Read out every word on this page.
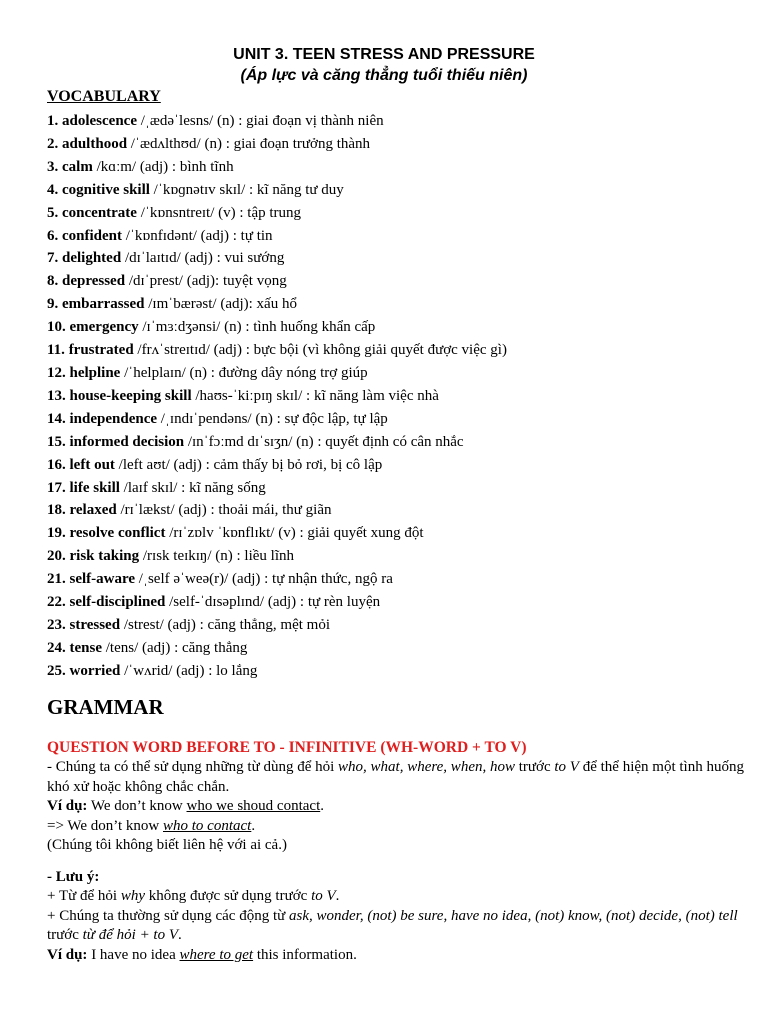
UNIT 3. TEEN STRESS AND PRESSURE
(Áp lực và căng thẳng tuổi thiếu niên)
VOCABULARY
1. adolescence /ˌædəˈlesns/ (n) : giai đoạn vị thành niên
2. adulthood /ˈædʌlthʊd/ (n) : giai đoạn trưởng thành
3. calm /kɑːm/ (adj) : bình tĩnh
4. cognitive skill /ˈkɒɡnətɪv skɪl/ : kĩ năng tư duy
5. concentrate /ˈkɒnsntreɪt/ (v) : tập trung
6. confident /ˈkɒnfɪdənt/ (adj) : tự tin
7. delighted /dɪˈlaɪtɪd/ (adj) : vui sướng
8. depressed /dɪˈprest/ (adj): tuyệt vọng
9. embarrassed /ɪmˈbærəst/ (adj): xấu hổ
10. emergency /ɪˈmɜːdʒənsi/ (n) : tình huống khẩn cấp
11. frustrated /frʌˈstreɪtɪd/ (adj) : bực bội (vì không giải quyết được việc gì)
12. helpline /ˈhelplaɪn/ (n) : đường dây nóng trợ giúp
13. house-keeping skill /haʊs-ˈkiːpɪŋ skɪl/ : kĩ năng làm việc nhà
14. independence /ˌɪndɪˈpendəns/ (n) : sự độc lập, tự lập
15. informed decision /ɪnˈfɔːmd dɪˈsɪʒn/ (n) : quyết định có cân nhắc
16. left out /left aʊt/ (adj) : cảm thấy bị bỏ rơi, bị cô lập
17. life skill /laɪf skɪl/ : kĩ năng sống
18. relaxed /rɪˈlækst/ (adj) : thoải mái, thư giãn
19. resolve conflict /rɪˈzɒlv ˈkɒnflɪkt/ (v) : giải quyết xung đột
20. risk taking /rɪsk teɪkɪŋ/ (n) : liều lĩnh
21. self-aware /ˌself əˈweə(r)/ (adj) : tự nhận thức, ngộ ra
22. self-disciplined /self-ˈdɪsəplɪnd/ (adj) : tự rèn luyện
23. stressed /strest/ (adj) : căng thẳng, mệt mỏi
24. tense /tens/ (adj) : căng thẳng
25. worried /ˈwʌrid/ (adj) : lo lắng
GRAMMAR
QUESTION WORD BEFORE TO - INFINITIVE (WH-WORD + TO V)

- Chúng ta có thể sử dụng những từ dùng để hỏi who, what, where, when, how trước to V để thể hiện một tình huống khó xử hoặc không chắc chắn.

Ví dụ: We don’t know who we shoud contact.

=> We don’t know who to contact.

(Chúng tôi không biết liên hệ với ai cả.)

- Lưu ý:

+ Từ để hỏi why không được sử dụng trước to V.

+ Chúng ta thường sử dụng các động từ ask, wonder, (not) be sure, have no idea, (not) know, (not) decide, (not) tell trước từ để hỏi + to V.

Ví dụ: I have no idea where to get this information.
